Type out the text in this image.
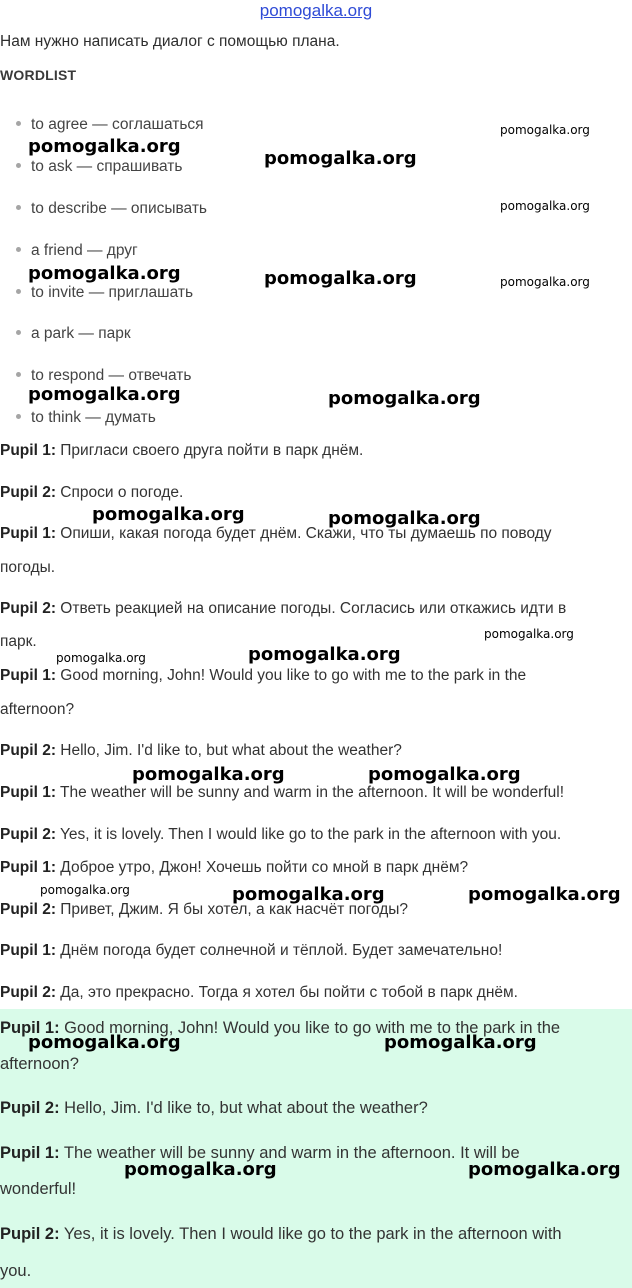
pomogalka.org
Нам нужно написать диалог с помощью плана.
WORDLIST
to agree — соглашаться
to ask — спрашивать
to describe — описывать
a friend — друг
to invite — приглашать
a park — парк
to respond — отвечать
to think — думать
Pupil 1: Пригласи своего друга пойти в парк днём.
Pupil 2: Спроси о погоде.
Pupil 1: Опиши, какая погода будет днём. Скажи, что ты думаешь по поводу
погоды.
Pupil 2: Ответь реакцией на описание погоды. Согласись или откажись идти в
парк.
Pupil 1: Good morning, John! Would you like to go with me to the park in the
afternoon?
Pupil 2: Hello, Jim. I'd like to, but what about the weather?
Pupil 1: The weather will be sunny and warm in the afternoon. It will be wonderful!
Pupil 2: Yes, it is lovely. Then I would like go to the park in the afternoon with you.
Pupil 1: Доброе утро, Джон! Хочешь пойти со мной в парк днём?
Pupil 2: Привет, Джим. Я бы хотел, а как насчёт погоды?
Pupil 1: Днём погода будет солнечной и тёплой. Будет замечательно!
Pupil 2: Да, это прекрасно. Тогда я хотел бы пойти с тобой в парк днём.
Pupil 1: Good morning, John! Would you like to go with me to the park in the
afternoon?
Pupil 2: Hello, Jim. I'd like to, but what about the weather?
Pupil 1: The weather will be sunny and warm in the afternoon. It will be
wonderful!
Pupil 2: Yes, it is lovely. Then I would like go to the park in the afternoon with
you.
pomogalka.org
pomogalka.org
pomogalka.org
pomogalka.org
pomogalka.org	pomogalka.org	pomogalka.org
pomogalka.org	pomogalka.org
pomogalka.org	pomogalka.org
pomogalka.org
pomogalka.org	pomogalka.org
pomogalka.org	pomogalka.org
pomogalka.org	pomogalka.org	pomogalka.org
pomogalka.org	pomogalka.org
pomogalka.org	pomogalka.org
